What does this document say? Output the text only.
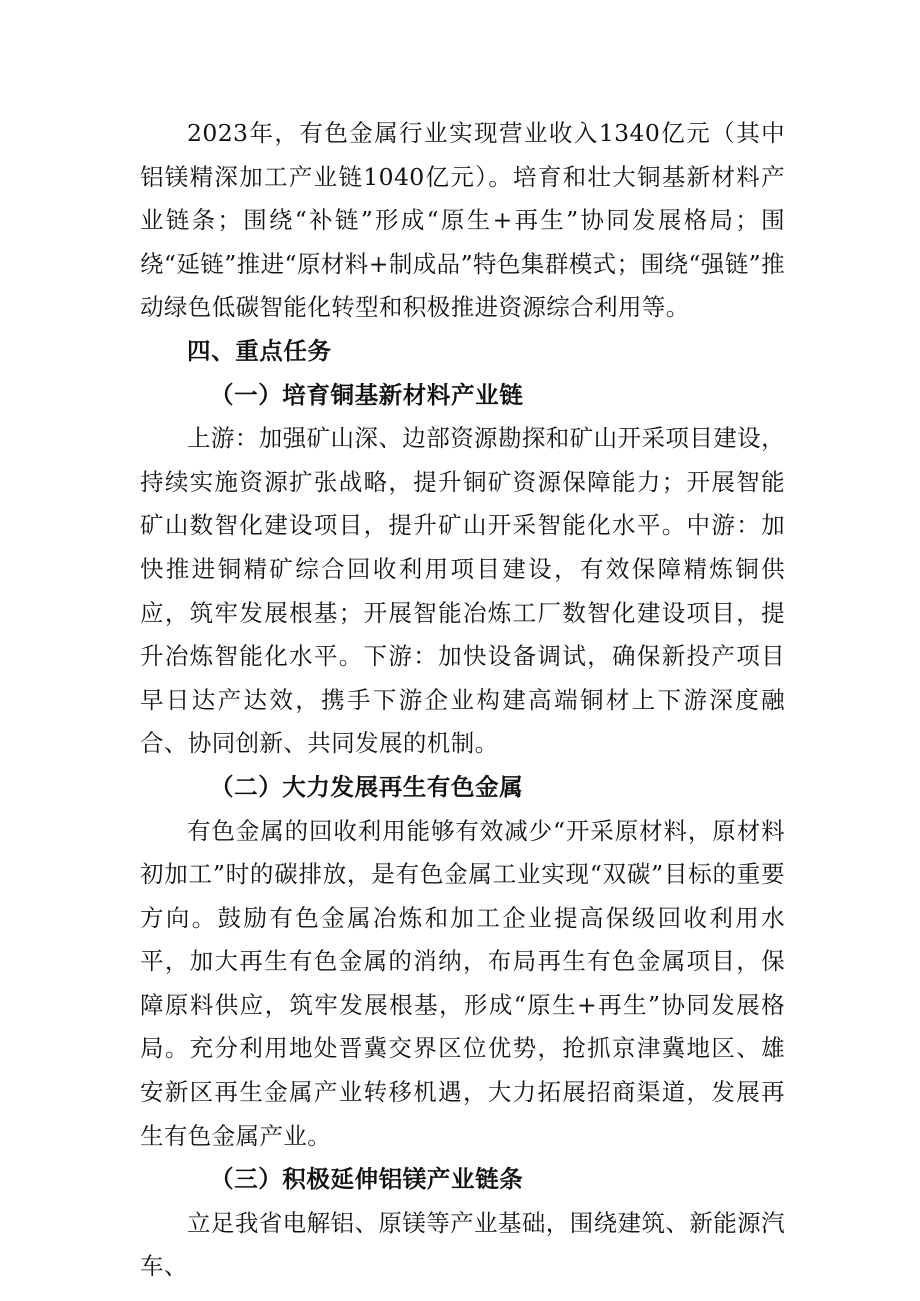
2023年，有色金属行业实现营业收入1340亿元（其中铝镁精深加工产业链1040亿元）。培育和壮大铜基新材料产业链条；围绕“补链”形成“原生+再生”协同发展格局；围绕“延链”推进“原材料+制成品”特色集群模式；围绕“强链”推动绿色低碳智能化转型和积极推进资源综合利用等。

四、重点任务

（一）培育铜基新材料产业链

上游：加强矿山深、边部资源勘探和矿山开采项目建设，持续实施资源扩张战略，提升铜矿资源保障能力；开展智能矿山数智化建设项目，提升矿山开采智能化水平。中游：加快推进铜精矿综合回收利用项目建设，有效保障精炼铜供应，筑牢发展根基；开展智能冶炼工厂数智化建设项目，提升冶炼智能化水平。下游：加快设备调试，确保新投产项目早日达产达效，携手下游企业构建高端铜材上下游深度融合、协同创新、共同发展的机制。

（二）大力发展再生有色金属

有色金属的回收利用能够有效减少“开采原材料，原材料初加工”时的碳排放，是有色金属工业实现“双碳”目标的重要方向。鼓励有色金属冶炼和加工企业提高保级回收利用水平，加大再生有色金属的消纳，布局再生有色金属项目，保障原料供应，筑牢发展根基，形成“原生+再生”协同发展格局。充分利用地处晋冀交界区位优势，抢抓京津冀地区、雄安新区再生金属产业转移机遇，大力拓展招商渠道，发展再生有色金属产业。

（三）积极延伸铝镁产业链条

立足我省电解铝、原镁等产业基础，围绕建筑、新能源汽车、
